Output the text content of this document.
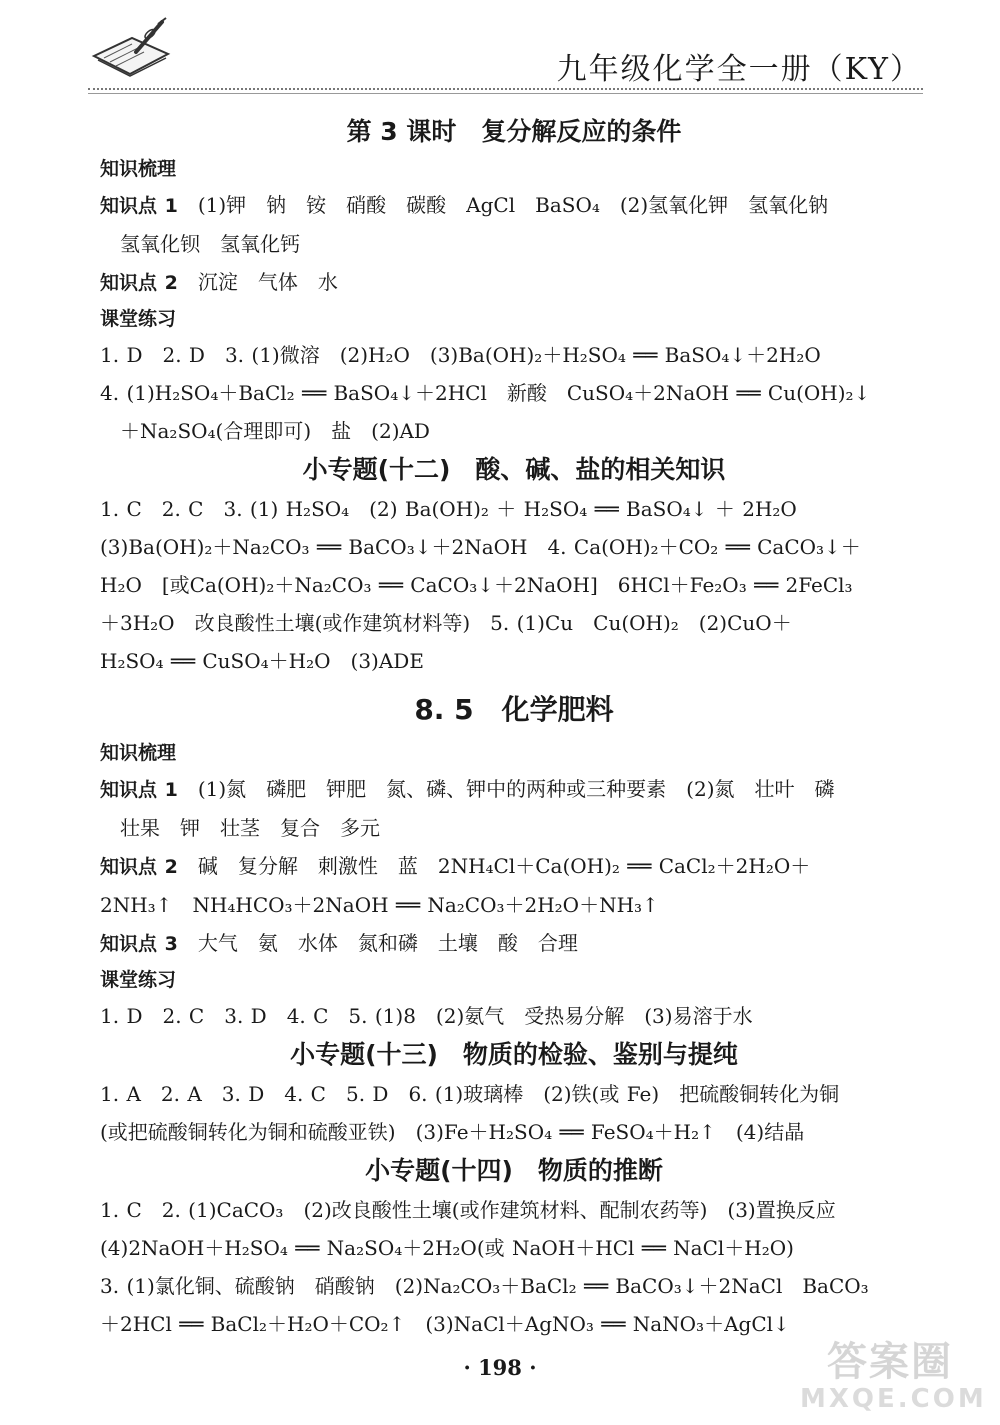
九年级化学全一册（KY）
第 3 课时　复分解反应的条件
知识梳理

知识点 1　 (1)钾　钠　铵　硝酸　碳酸　AgCl　BaSO₄　(2)氢氧化钾　氢氧化钠

氢氧化钡　氢氧化钙

知识点 2　 沉淀　气体　水

课堂练习

1. D　2. D　3. (1)微溶　(2)H₂O　(3)Ba(OH)₂＋H₂SO₄ ══ BaSO₄↓＋2H₂O

4. (1)H₂SO₄＋BaCl₂ ══ BaSO₄↓＋2HCl　新酸　CuSO₄＋2NaOH ══ Cu(OH)₂↓

＋Na₂SO₄(合理即可)　盐　(2)AD

小专题(十二)　酸、碱、盐的相关知识

1. C　2. C　3. (1) H₂SO₄　(2) Ba(OH)₂ ＋ H₂SO₄ ══ BaSO₄↓ ＋ 2H₂O

(3)Ba(OH)₂＋Na₂CO₃ ══ BaCO₃↓＋2NaOH　4. Ca(OH)₂＋CO₂ ══ CaCO₃↓＋

H₂O　[或Ca(OH)₂＋Na₂CO₃ ══ CaCO₃↓＋2NaOH]　6HCl＋Fe₂O₃ ══ 2FeCl₃

＋3H₂O　改良酸性土壤(或作建筑材料等)　5. (1)Cu　Cu(OH)₂　(2)CuO＋

H₂SO₄ ══ CuSO₄＋H₂O　(3)ADE

8. 5　化学肥料
知识梳理

知识点 1　 (1)氮　磷肥　钾肥　氮、磷、钾中的两种或三种要素　(2)氮　壮叶　磷

壮果　钾　壮茎　复合　多元

知识点 2　 碱　复分解　刺激性　蓝　2NH₄Cl＋Ca(OH)₂ ══ CaCl₂＋2H₂O＋

2NH₃↑　NH₄HCO₃＋2NaOH ══ Na₂CO₃＋2H₂O＋NH₃↑

知识点 3　 大气　氨　水体　氮和磷　土壤　酸　合理

课堂练习

1. D　2. C　3. D　4. C　5. (1)8　(2)氨气　受热易分解　(3)易溶于水

小专题(十三)　物质的检验、鉴别与提纯

1. A　2. A　3. D　4. C　5. D　6. (1)玻璃棒　(2)铁(或 Fe)　把硫酸铜转化为铜

(或把硫酸铜转化为铜和硫酸亚铁)　(3)Fe＋H₂SO₄ ══ FeSO₄＋H₂↑　(4)结晶

小专题(十四)　物质的推断

1. C　2. (1)CaCO₃　(2)改良酸性土壤(或作建筑材料、配制农药等)　(3)置换反应

(4)2NaOH＋H₂SO₄ ══ Na₂SO₄＋2H₂O(或 NaOH＋HCl ══ NaCl＋H₂O)

3. (1)氯化铜、硫酸钠　硝酸钠　(2)Na₂CO₃＋BaCl₂ ══ BaCO₃↓＋2NaCl　BaCO₃

＋2HCl ══ BaCl₂＋H₂O＋CO₂↑　(3)NaCl＋AgNO₃ ══ NaNO₃＋AgCl↓

· 198 ·	答案圈
MXQE.COM
